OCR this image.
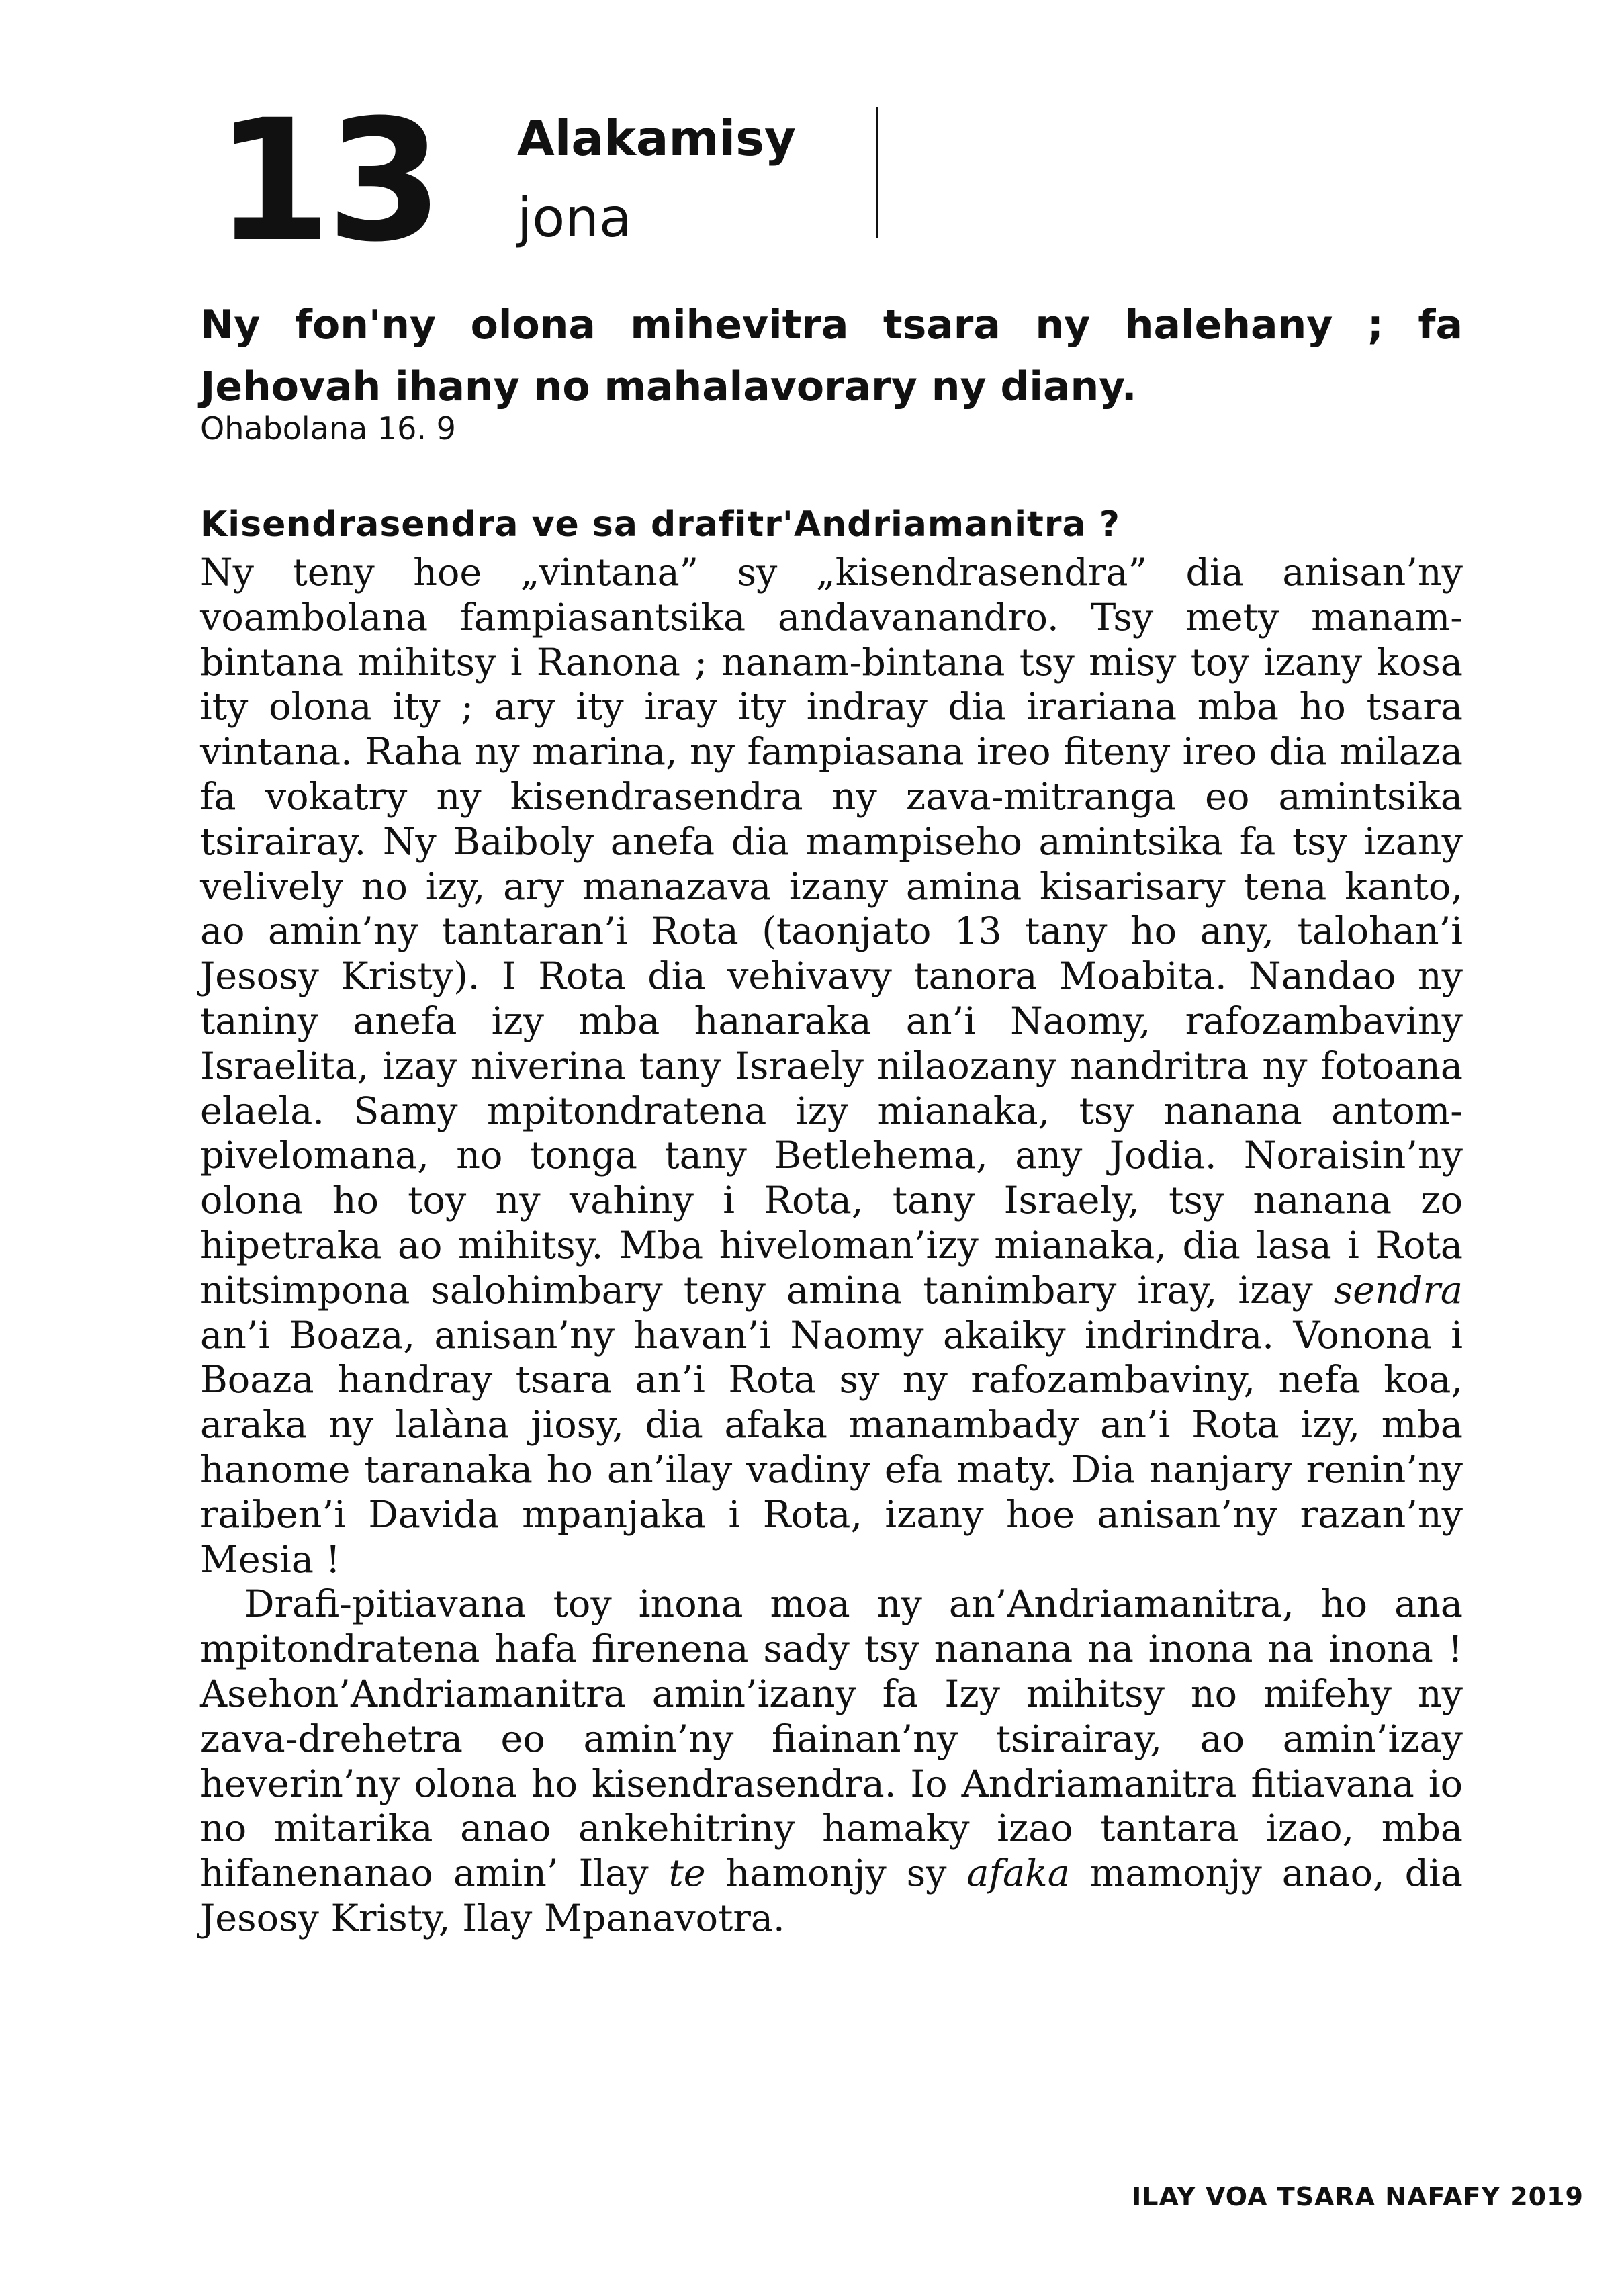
13 Alakamisy
jona
Ny fon'ny olona mihevitra tsara ny halehany ; fa Jehovah ihany no mahalavorary ny diany.
Ohabolana 16. 9
Kisendrasendra ve sa drafitr'Andriamanitra ?

Ny teny hoe „vintana” sy „kisendrasendra” dia anisan’ny voambolana fampiasantsika andavanandro. Tsy mety manam-bintana mihitsy i Ranona ; nanam-bintana tsy misy toy izany kosa ity olona ity ; ary ity iray ity indray dia irariana mba ho tsara vintana. Raha ny marina, ny fampiasana ireo fiteny ireo dia milaza fa vokatry ny kisendrasendra ny zava-mitranga eo amintsika tsirairay. Ny Baiboly anefa dia mampiseho amintsika fa tsy izany velively no izy, ary manazava izany amina kisarisary tena kanto, ao amin’ny tantaran’i Rota (taonjato 13 tany ho any, talohan’i Jesosy Kristy). I Rota dia vehivavy tanora Moabita. Nandao ny taniny anefa izy mba hanaraka an’i Naomy, rafozambaviny Israelita, izay niverina tany Israely nilaozany nandritra ny fotoana elaela. Samy mpitondratena izy mianaka, tsy nanana antom-pivelomana, no tonga tany Betlehema, any Jodia. Noraisin’ny olona ho toy ny vahiny i Rota, tany Israely, tsy nanana zo hipetraka ao mihitsy. Mba hiveloman’izy mianaka, dia lasa i Rota nitsimpona salohimbary teny amina tanimbary iray, izay sendra an’i Boaza, anisan’ny havan’i Naomy akaiky indrindra. Vonona i Boaza handray tsara an’i Rota sy ny rafozambaviny, nefa koa, araka ny lalàna jiosy, dia afaka manambady an’i Rota izy, mba hanome taranaka ho an’ilay vadiny efa maty. Dia nanjary renin’ny raiben’i Davida mpanjaka i Rota, izany hoe anisan’ny razan’ny Mesia !

Drafi-pitiavana toy inona moa ny an’Andriamanitra, ho ana mpitondratena hafa firenena sady tsy nanana na inona na inona ! Asehon’Andriamanitra amin’izany fa Izy mihitsy no mifehy ny zava-drehetra eo amin’ny fiainan’ny tsirairay, ao amin’izay heverin’ny olona ho kisendrasendra. Io Andriamanitra fitiavana io no mitarika anao ankehitriny hamaky izao tantara izao, mba hifanenanao amin’ Ilay te hamonjy sy afaka mamonjy anao, dia Jesosy Kristy, Ilay Mpanavotra.

ILAY VOA TSARA NAFAFY 2019
